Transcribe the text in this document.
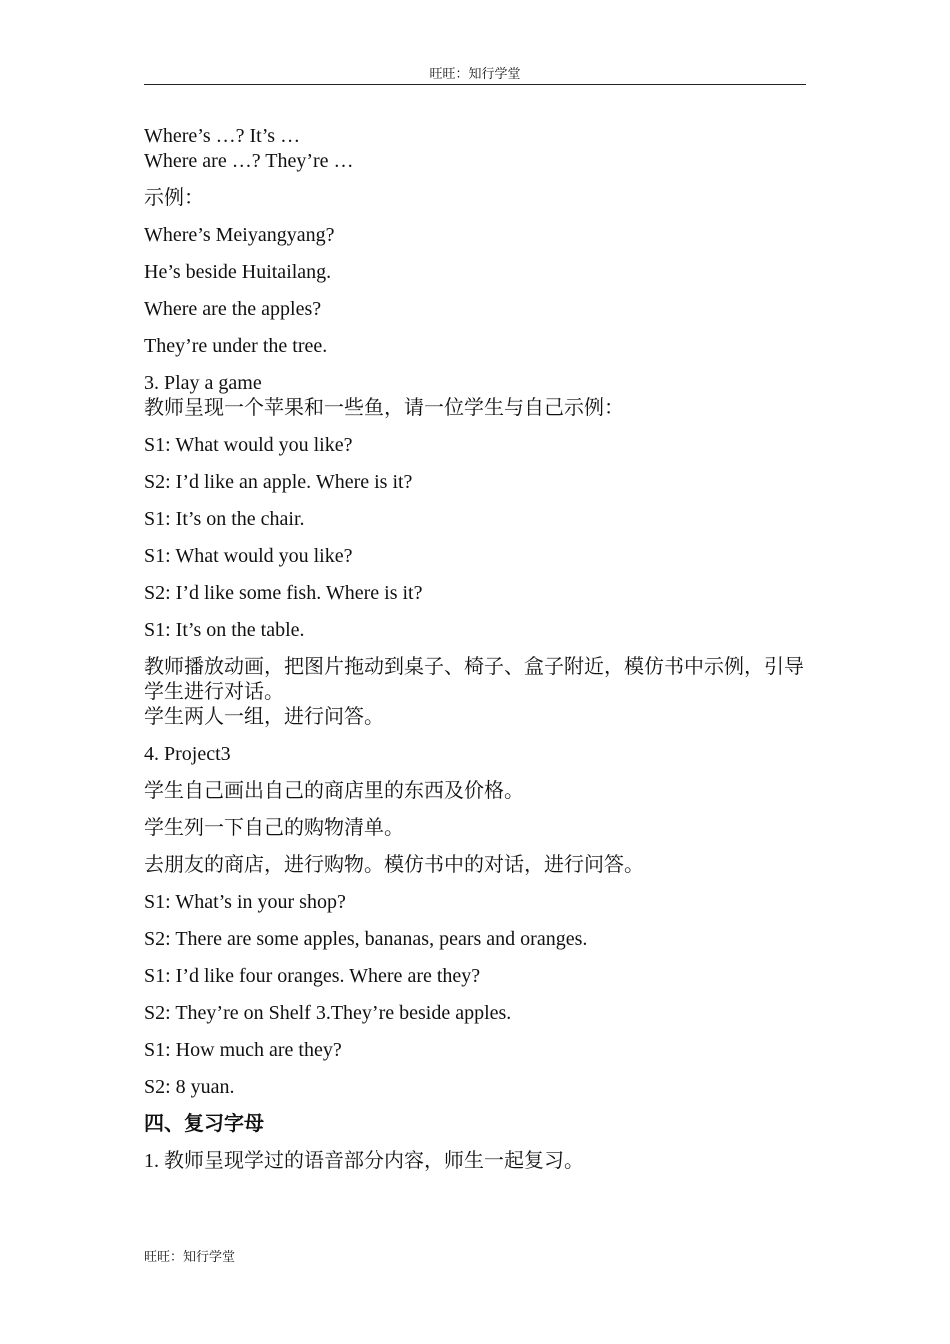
旺旺：知行学堂
Where’s …? It’s …
Where are …? They’re …
示例：
Where’s Meiyangyang?
He’s beside Huitailang.
Where are the apples?
They’re under the tree.
3. Play a game
教师呈现一个苹果和一些鱼，请一位学生与自己示例：
S1: What would you like?
S2: I’d like an apple. Where is it?
S1: It’s on the chair.
S1: What would you like?
S2: I’d like some fish. Where is it?
S1: It’s on the table.
教师播放动画，把图片拖动到桌子、椅子、盒子附近，模仿书中示例，引导学生进行对话。
学生两人一组，进行问答。
4. Project3
学生自己画出自己的商店里的东西及价格。
学生列一下自己的购物清单。
去朋友的商店，进行购物。模仿书中的对话，进行问答。
S1: What’s in your shop?
S2: There are some apples, bananas, pears and oranges.
S1: I’d like four oranges. Where are they?
S2: They’re on Shelf 3.They’re beside apples.
S1: How much are they?
S2: 8 yuan.
四、复习字母
1. 教师呈现学过的语音部分内容，师生一起复习。
旺旺：知行学堂
